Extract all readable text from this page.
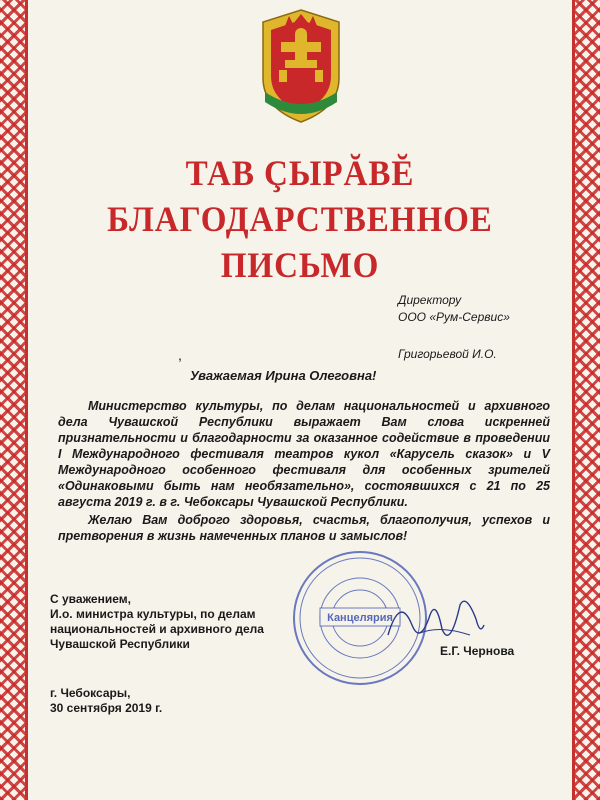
ТАВ ÇЫРĂВĔ
БЛАГОДАРСТВЕННОЕ
ПИСЬМО
Директору
ООО «Рум-Сервис»
Григорьевой И.О.
,
Уважаемая Ирина Олеговна!

Министерство культуры, по делам национальностей и архивного дела Чувашской Республики выражает Вам слова искренней признательности и благодарности за оказанное содействие в проведении I Международного фестиваля театров кукол «Карусель сказок» и V Международного особенного фестиваля для особенных зрителей «Одинаковыми быть нам необязательно», состоявшихся с 21 по 25 августа 2019 г. в г. Чебоксары Чувашской Республики.

Желаю Вам доброго здоровья, счастья, благополучия, успехов и претворения в жизнь намеченных планов и замыслов!

С уважением,
И.о. министра культуры, по делам
национальностей и архивного дела
Чувашской Республики
Канцелярия
Е.Г. Чернова
г. Чебоксары,
30 сентября 2019 г.
